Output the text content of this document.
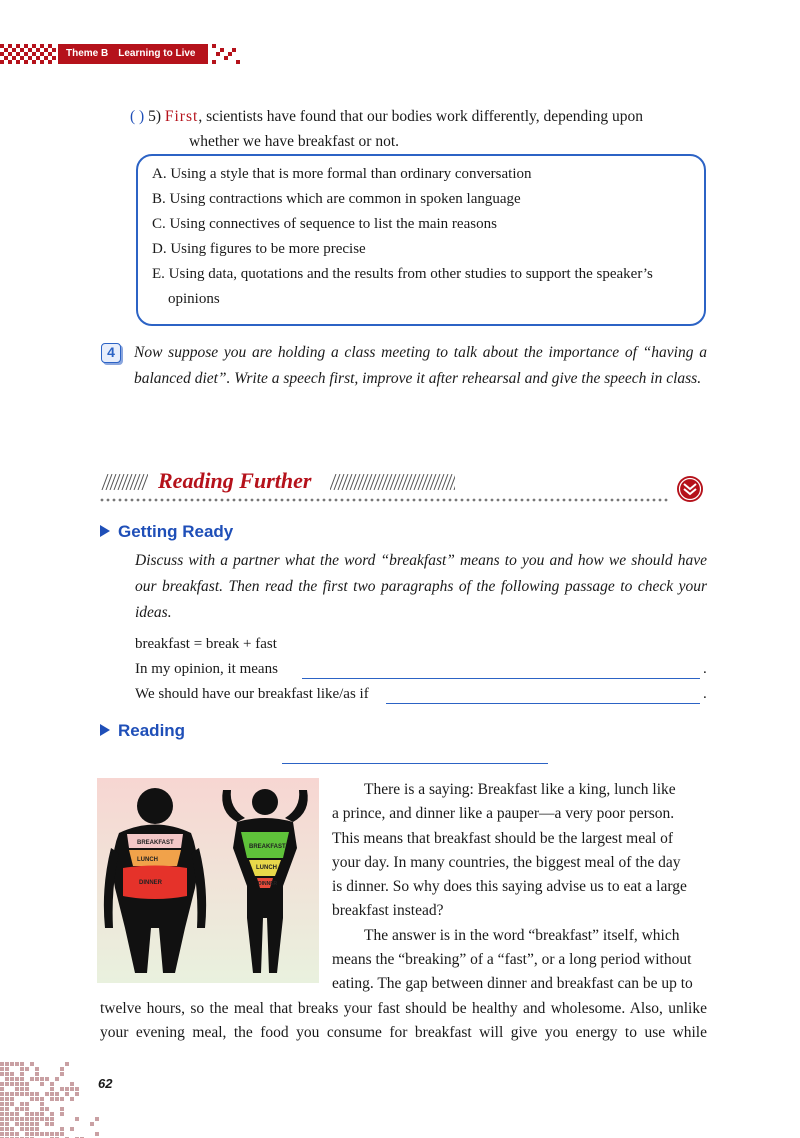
Theme B Learning to Live
( ) 5) First, scientists have found that our bodies work differently, depending upon
whether we have breakfast or not.
A. Using a style that is more formal than ordinary conversation
B. Using contractions which are common in spoken language
C. Using connectives of sequence to list the main reasons
D. Using figures to be more precise
E. Using data, quotations and the results from other studies to support the speaker’s
opinions
4	Now suppose you are holding a class meeting to talk about the importance of “having a balanced diet”. Write a speech first, improve it after rehearsal and give the speech in class.
Reading Further
Getting Ready
Discuss with a partner what the word “breakfast” means to you and how we should have our breakfast. Then read the first two paragraphs of the following passage to check your ideas.
breakfast = break + fast
In my opinion, it means	.
We should have our breakfast like/as if	.
Reading
BREAKFAST
LUNCH
DINNER
BREAKFAST
LUNCH
DINNER
There is a saying: Breakfast like a king, lunch like
a prince, and dinner like a pauper—a very poor person.
This means that breakfast should be the largest meal of
your day. In many countries, the biggest meal of the day
is dinner. So why does this saying advise us to eat a large
breakfast instead?
The answer is in the word “breakfast” itself, which
means the “breaking” of a “fast”, or a long period without
eating. The gap between dinner and breakfast can be up to
twelve hours, so the meal that breaks your fast should be healthy and wholesome. Also, unlike
your evening meal, the food you consume for breakfast will give you energy to use while
62
